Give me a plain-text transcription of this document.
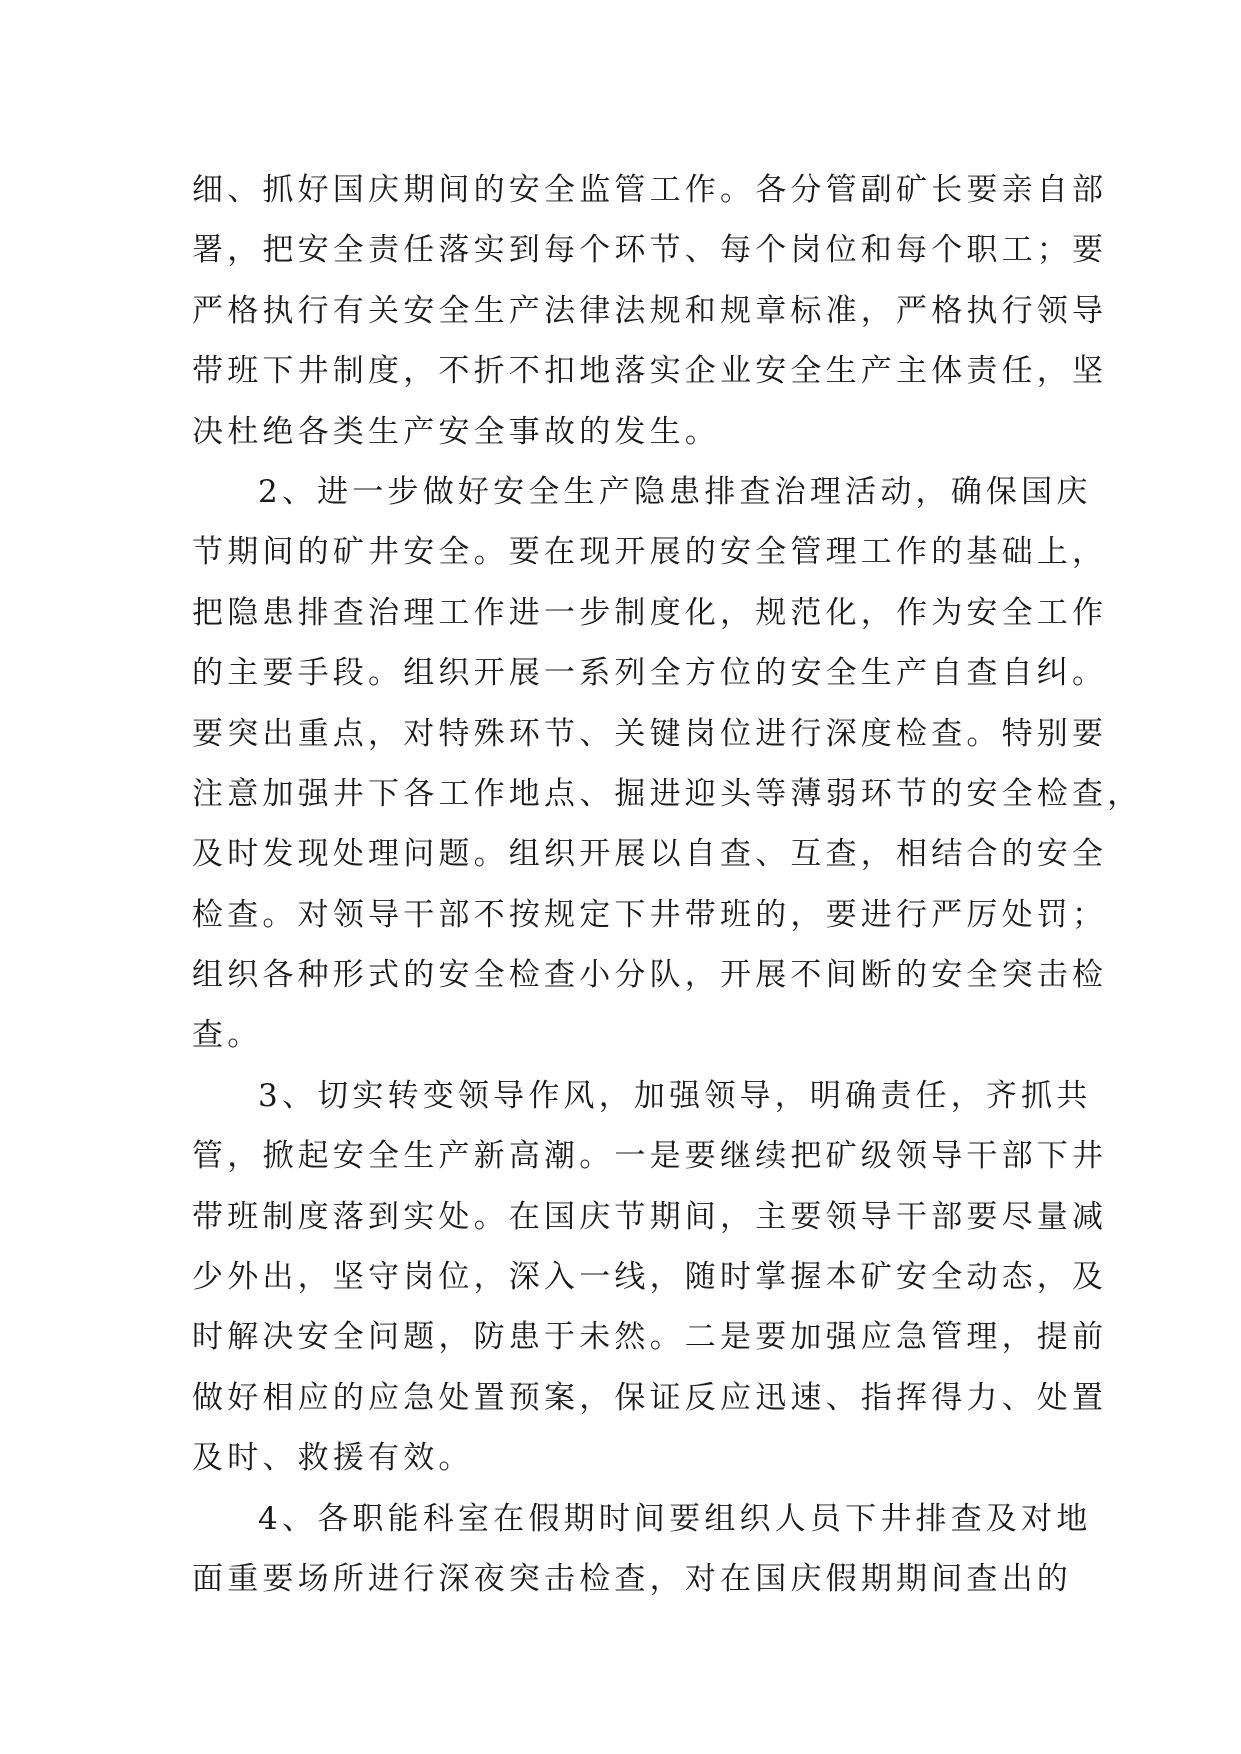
细、抓好国庆期间的安全监管工作。各分管副矿长要亲自部
署，把安全责任落实到每个环节、每个岗位和每个职工；要
严格执行有关安全生产法律法规和规章标准，严格执行领导
带班下井制度，不折不扣地落实企业安全生产主体责任，坚
决杜绝各类生产安全事故的发生。
2、进一步做好安全生产隐患排查治理活动，确保国庆
节期间的矿井安全。要在现开展的安全管理工作的基础上，
把隐患排查治理工作进一步制度化，规范化，作为安全工作
的主要手段。组织开展一系列全方位的安全生产自查自纠。
要突出重点，对特殊环节、关键岗位进行深度检查。特别要
注意加强井下各工作地点、掘进迎头等薄弱环节的安全检查，
及时发现处理问题。组织开展以自查、互查，相结合的安全
检查。对领导干部不按规定下井带班的，要进行严厉处罚；
组织各种形式的安全检查小分队，开展不间断的安全突击检
查。
3、切实转变领导作风，加强领导，明确责任，齐抓共
管，掀起安全生产新高潮。一是要继续把矿级领导干部下井
带班制度落到实处。在国庆节期间，主要领导干部要尽量减
少外出，坚守岗位，深入一线，随时掌握本矿安全动态，及
时解决安全问题，防患于未然。二是要加强应急管理，提前
做好相应的应急处置预案，保证反应迅速、指挥得力、处置
及时、救援有效。
4、各职能科室在假期时间要组织人员下井排查及对地
面重要场所进行深夜突击检查，对在国庆假期期间查出的
